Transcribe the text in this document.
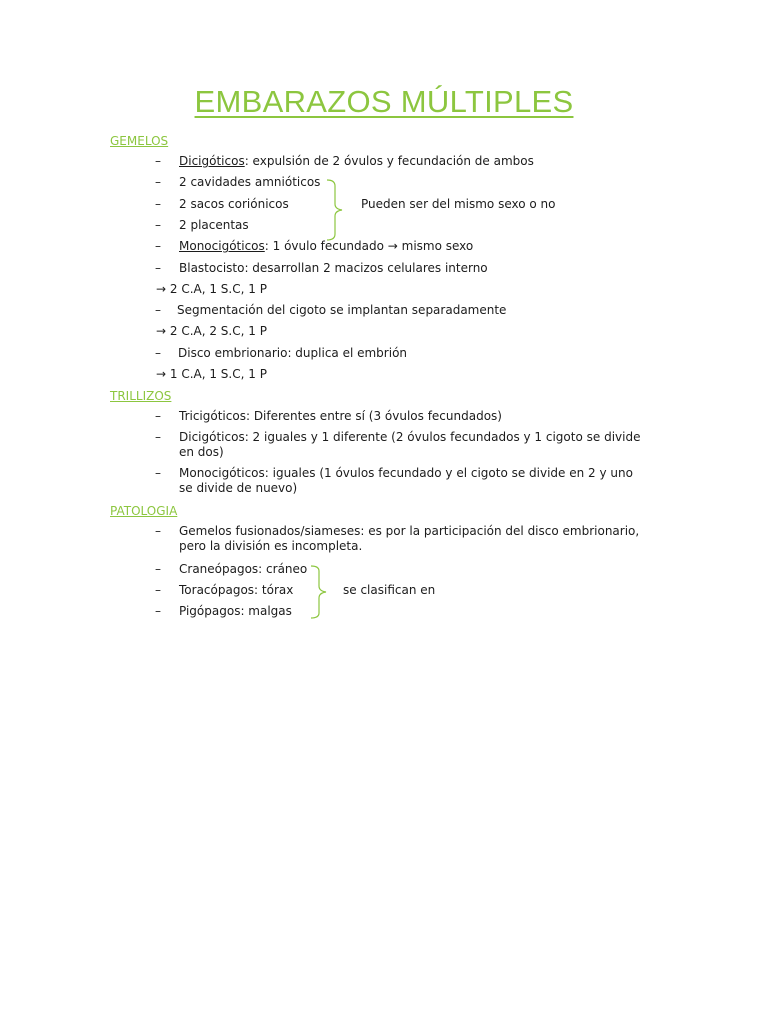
EMBARAZOS MÚLTIPLES
GEMELOS
– Dicigóticos: expulsión de 2 óvulos y fecundación de ambos
– 2 cavidades amnióticos
– 2 sacos coriónicos
– 2 placentas
Pueden ser del mismo sexo o no
– Monocigóticos: 1 óvulo fecundado → mismo sexo
– Blastocisto: desarrollan 2 macizos celulares interno
→ 2 C.A, 1 S.C, 1 P
– Segmentación del cigoto se implantan separadamente
→ 2 C.A, 2 S.C, 1 P
– Disco embrionario: duplica el embrión
→ 1 C.A, 1 S.C, 1 P
TRILLIZOS
– Tricigóticos: Diferentes entre sí (3 óvulos fecundados)
– Dicigóticos: 2 iguales y 1 diferente (2 óvulos fecundados y 1 cigoto se divide en dos)
– Monocigóticos: iguales (1 óvulos fecundado y el cigoto se divide en 2 y uno se divide de nuevo)
PATOLOGIA
– Gemelos fusionados/siameses: es por la participación del disco embrionario, pero la división es incompleta.
– Craneópagos: cráneo
– Toracópagos: tórax
– Pigópagos: malgas
se clasifican en
